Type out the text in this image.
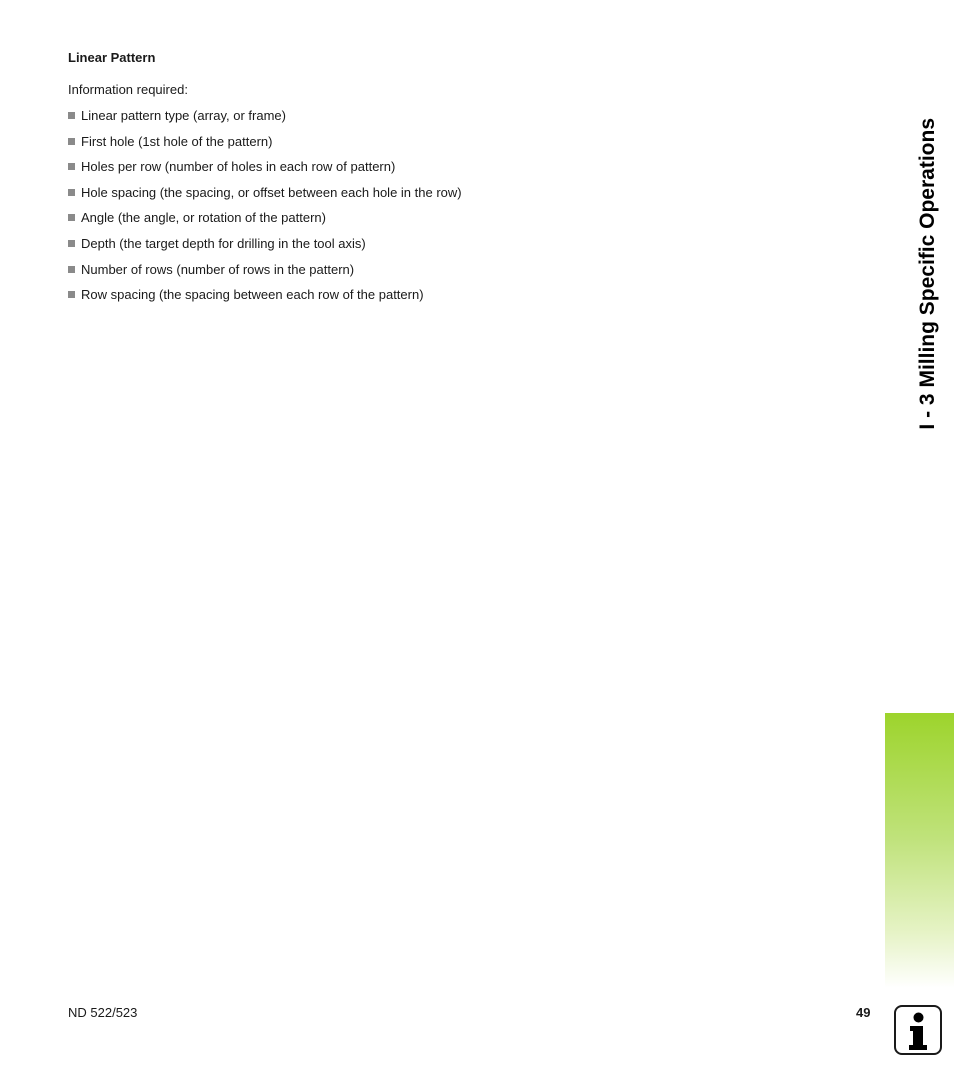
Linear Pattern

Information required:

Linear pattern type (array, or frame)
First hole (1st hole of the pattern)
Holes per row (number of holes in each row of pattern)
Hole spacing (the spacing, or offset between each hole in the row)
Angle (the angle, or rotation of the pattern)
Depth (the target depth for drilling in the tool axis)
Number of rows (number of rows in the pattern)
Row spacing (the spacing between each row of the pattern)	I - 3 Milling Specific Operations
ND 522/523	49
